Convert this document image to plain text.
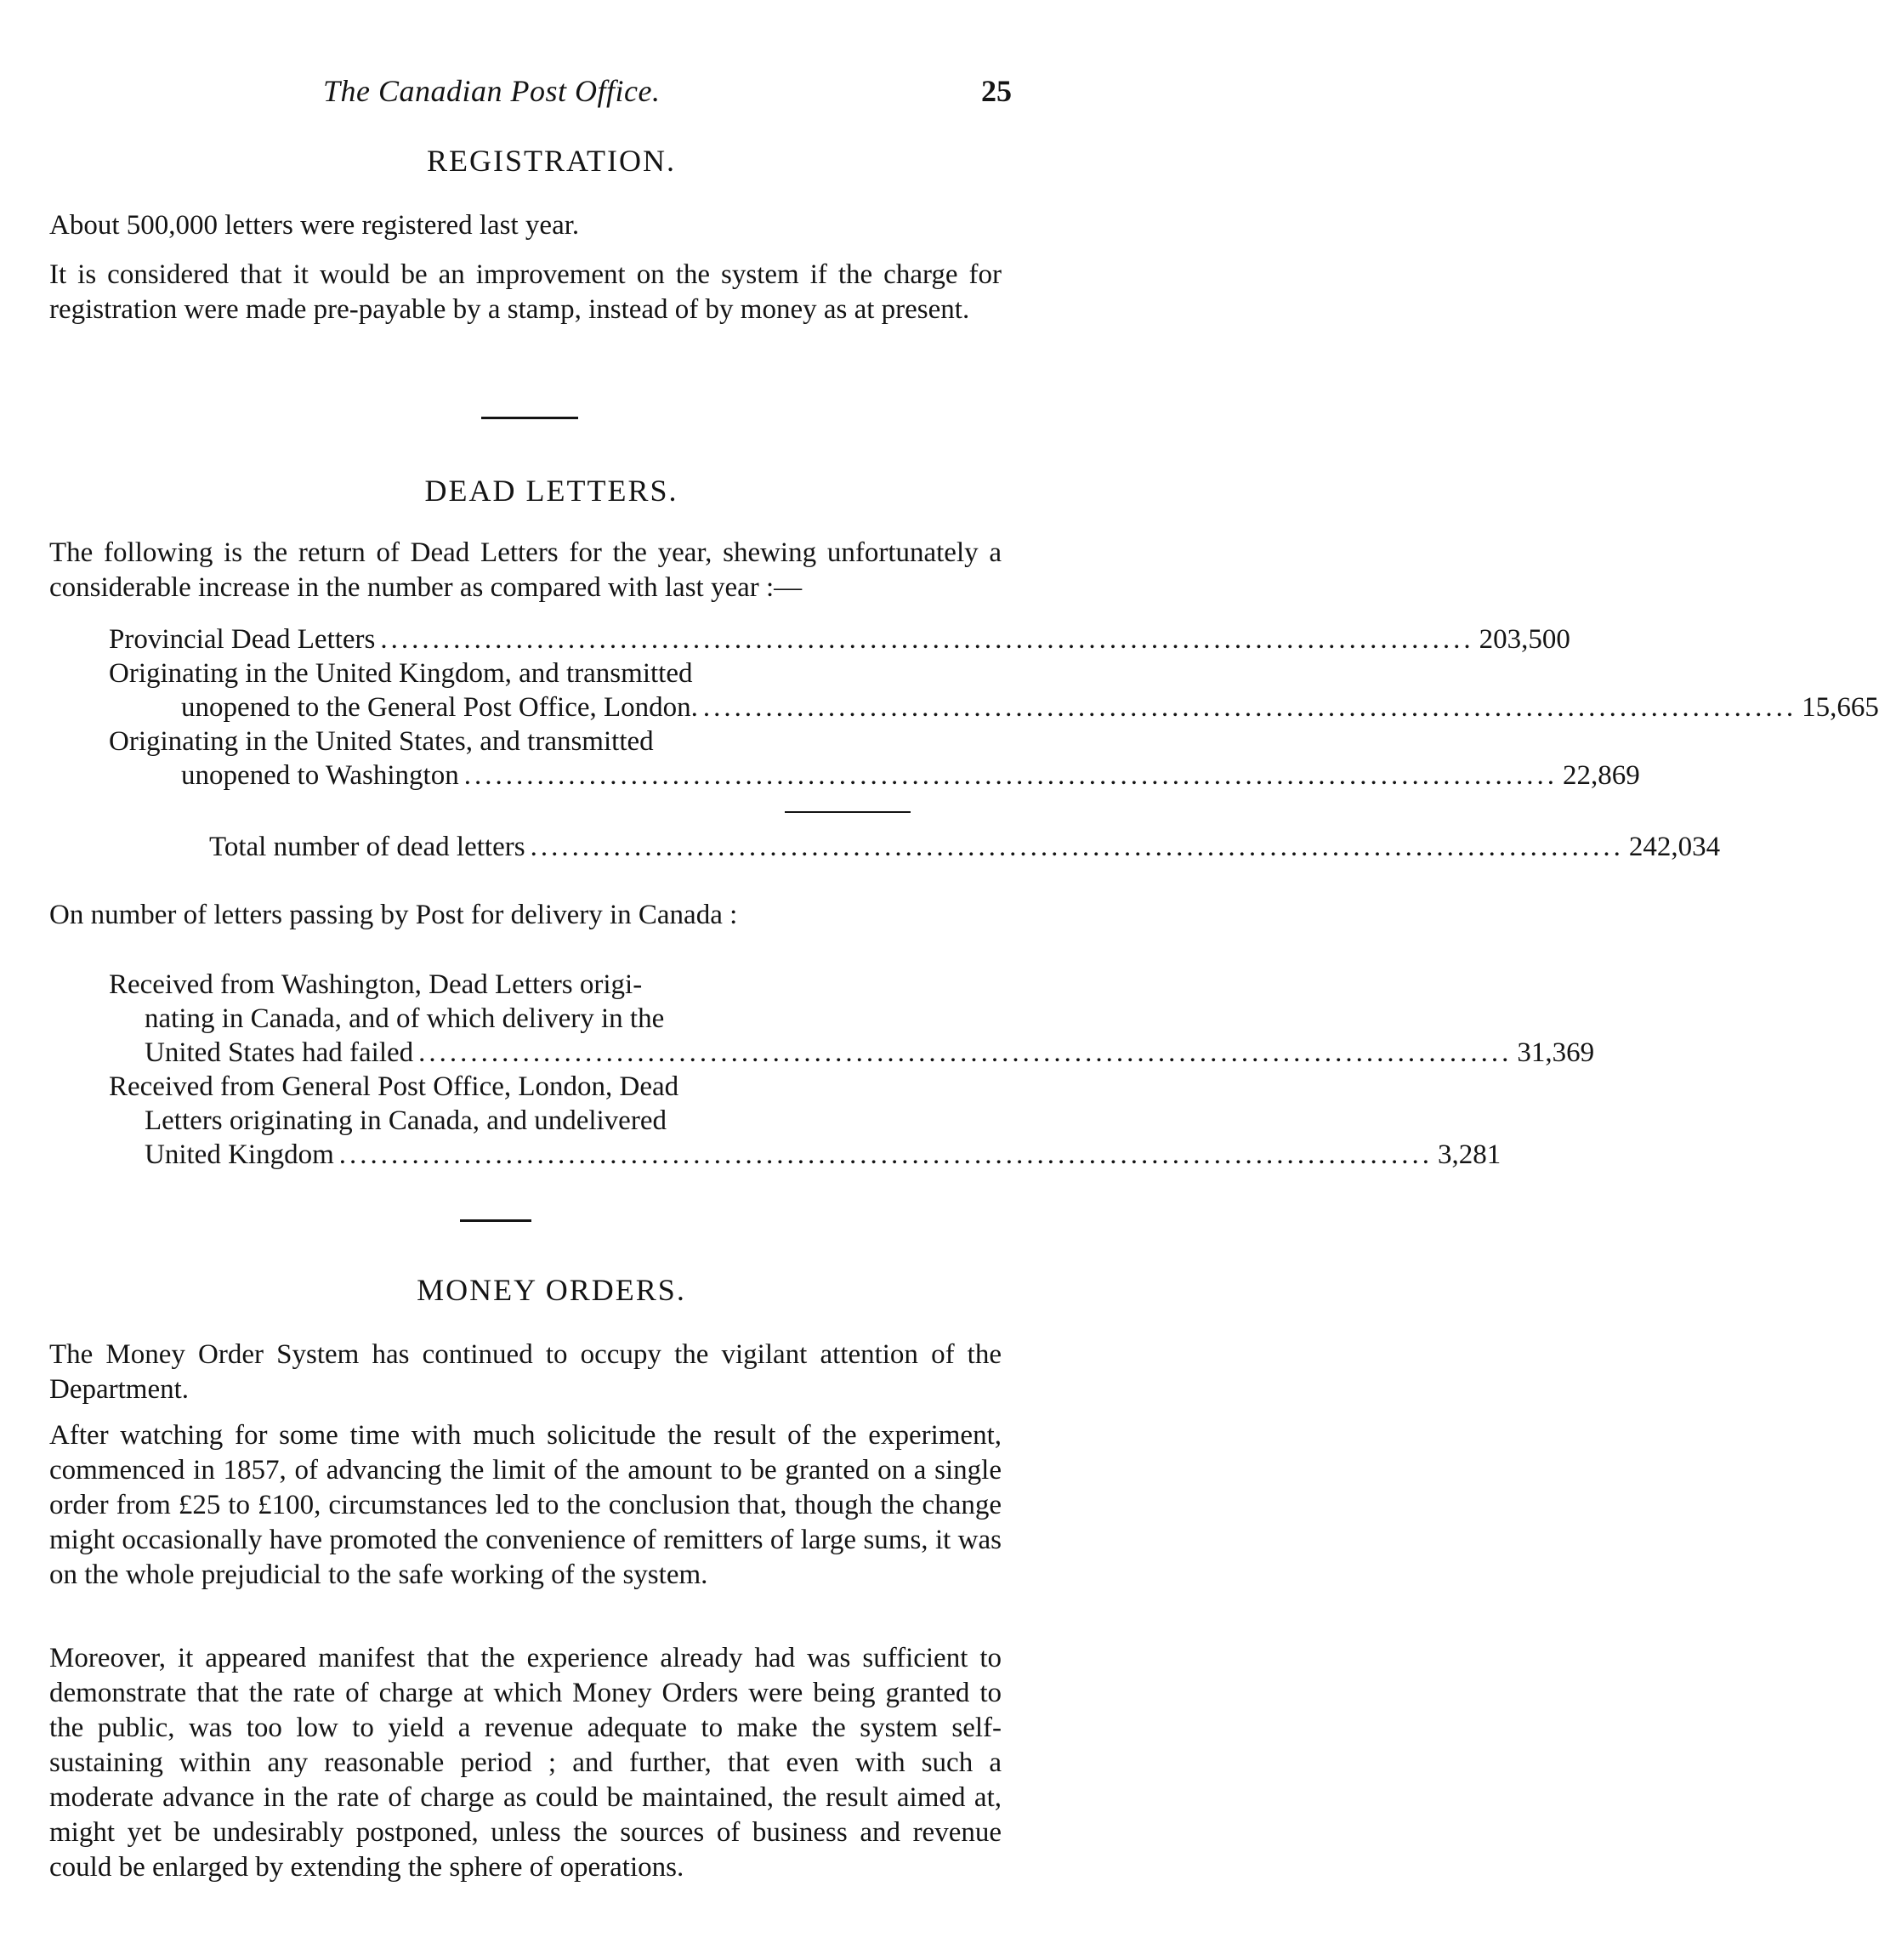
The Canadian Post Office.	25
REGISTRATION.
About 500,000 letters were registered last year.
It is considered that it would be an improvement on the system if the charge for registration were made pre-payable by a stamp, instead of by money as at present.
DEAD LETTERS.
The following is the return of Dead Letters for the year, shewing unfortunately a considerable increase in the number as compared with last year :—
Provincial Dead Letters ......................................................................................................... 203,500
Originating in the United Kingdom, and transmitted
unopened to the General Post Office, London. ......................................................................................................... 15,665
Originating in the United States, and transmitted
unopened to Washington ......................................................................................................... 22,869
Total number of dead letters ......................................................................................................... 242,034
On number of letters passing by Post for delivery in Canada :
Received from Washington, Dead Letters origi-
nating in Canada, and of which delivery in the
United States had failed ......................................................................................................... 31,369
Received from General Post Office, London, Dead
Letters originating in Canada, and undelivered
United Kingdom ......................................................................................................... 3,281
MONEY ORDERS.
The Money Order System has continued to occupy the vigilant attention of the Department.
After watching for some time with much solicitude the result of the experiment, commenced in 1857, of advancing the limit of the amount to be granted on a single order from £25 to £100, circumstances led to the conclusion that, though the change might occasionally have promoted the convenience of remitters of large sums, it was on the whole prejudicial to the safe working of the system.
Moreover, it appeared manifest that the experience already had was sufficient to demonstrate that the rate of charge at which Money Orders were being granted to the public, was too low to yield a revenue adequate to make the system self-sustaining within any reasonable period ; and further, that even with such a moderate advance in the rate of charge as could be maintained, the result aimed at, might yet be undesirably postponed, unless the sources of business and revenue could be enlarged by extending the sphere of operations.
